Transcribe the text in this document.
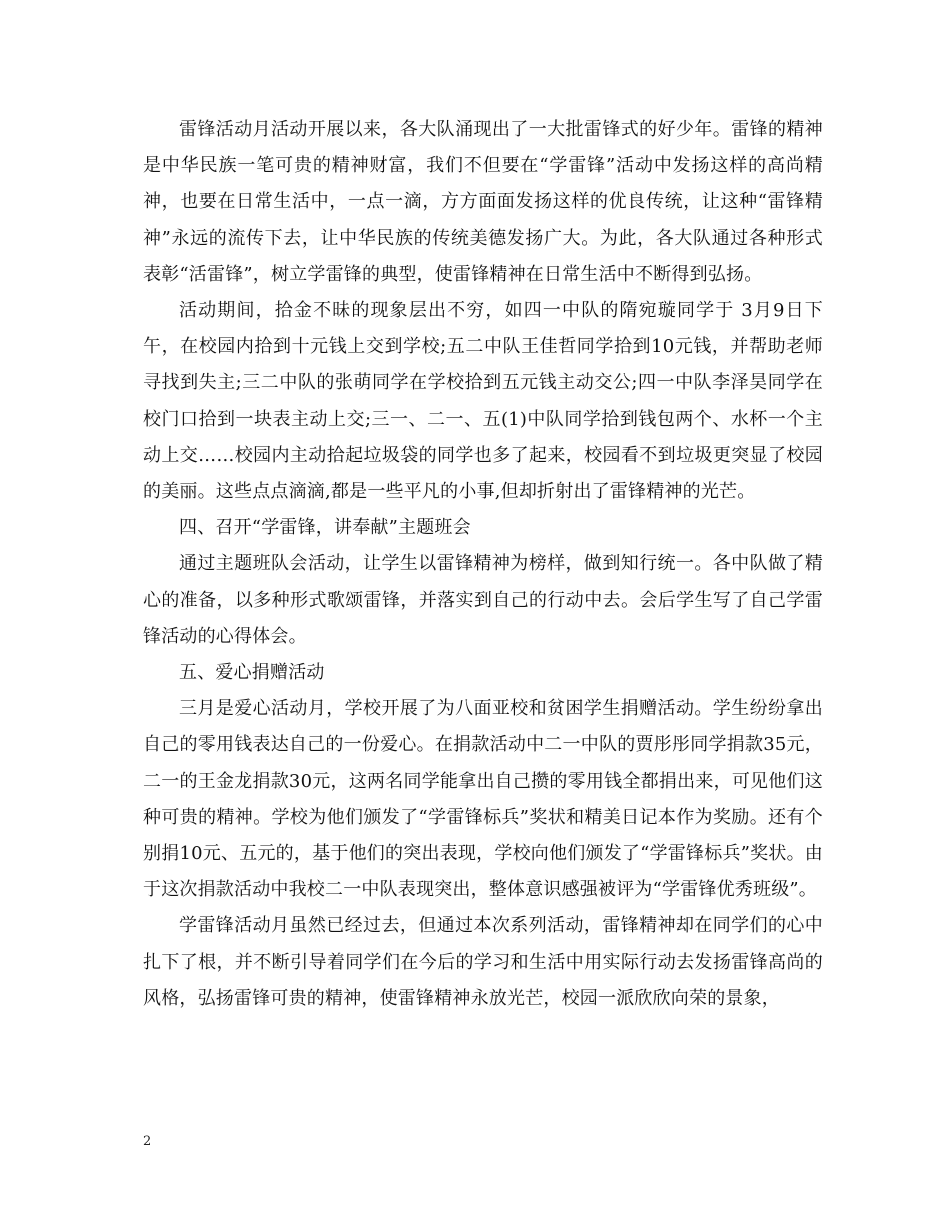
雷锋活动月活动开展以来，各大队涌现出了一大批雷锋式的好少年。雷锋的精神是中华民族一笔可贵的精神财富，我们不但要在“学雷锋”活动中发扬这样的高尚精神，也要在日常生活中，一点一滴，方方面面发扬这样的优良传统，让这种“雷锋精神”永远的流传下去，让中华民族的传统美德发扬广大。为此，各大队通过各种形式表彰“活雷锋”，树立学雷锋的典型，使雷锋精神在日常生活中不断得到弘扬。

活动期间，拾金不昧的现象层出不穷，如四一中队的隋宛璇同学于 3月9日下午，在校园内拾到十元钱上交到学校;五二中队王佳哲同学拾到10元钱，并帮助老师寻找到失主;三二中队的张萌同学在学校拾到五元钱主动交公;四一中队李泽昊同学在校门口拾到一块表主动上交;三一、二一、五(1)中队同学拾到钱包两个、水杯一个主动上交……校园内主动拾起垃圾袋的同学也多了起来，校园看不到垃圾更突显了校园的美丽。这些点点滴滴,都是一些平凡的小事,但却折射出了雷锋精神的光芒。

四、召开“学雷锋，讲奉献”主题班会

通过主题班队会活动，让学生以雷锋精神为榜样，做到知行统一。各中队做了精心的准备，以多种形式歌颂雷锋，并落实到自己的行动中去。会后学生写了自己学雷锋活动的心得体会。

五、爱心捐赠活动

三月是爱心活动月，学校开展了为八面亚校和贫困学生捐赠活动。学生纷纷拿出自己的零用钱表达自己的一份爱心。在捐款活动中二一中队的贾彤彤同学捐款35元，二一的王金龙捐款30元，这两名同学能拿出自己攒的零用钱全都捐出来，可见他们这种可贵的精神。学校为他们颁发了“学雷锋标兵”奖状和精美日记本作为奖励。还有个别捐10元、五元的，基于他们的突出表现，学校向他们颁发了“学雷锋标兵”奖状。由于这次捐款活动中我校二一中队表现突出，整体意识感强被评为“学雷锋优秀班级”。

学雷锋活动月虽然已经过去，但通过本次系列活动，雷锋精神却在同学们的心中扎下了根，并不断引导着同学们在今后的学习和生活中用实际行动去发扬雷锋高尚的风格，弘扬雷锋可贵的精神，使雷锋精神永放光芒，校园一派欣欣向荣的景象，

2
